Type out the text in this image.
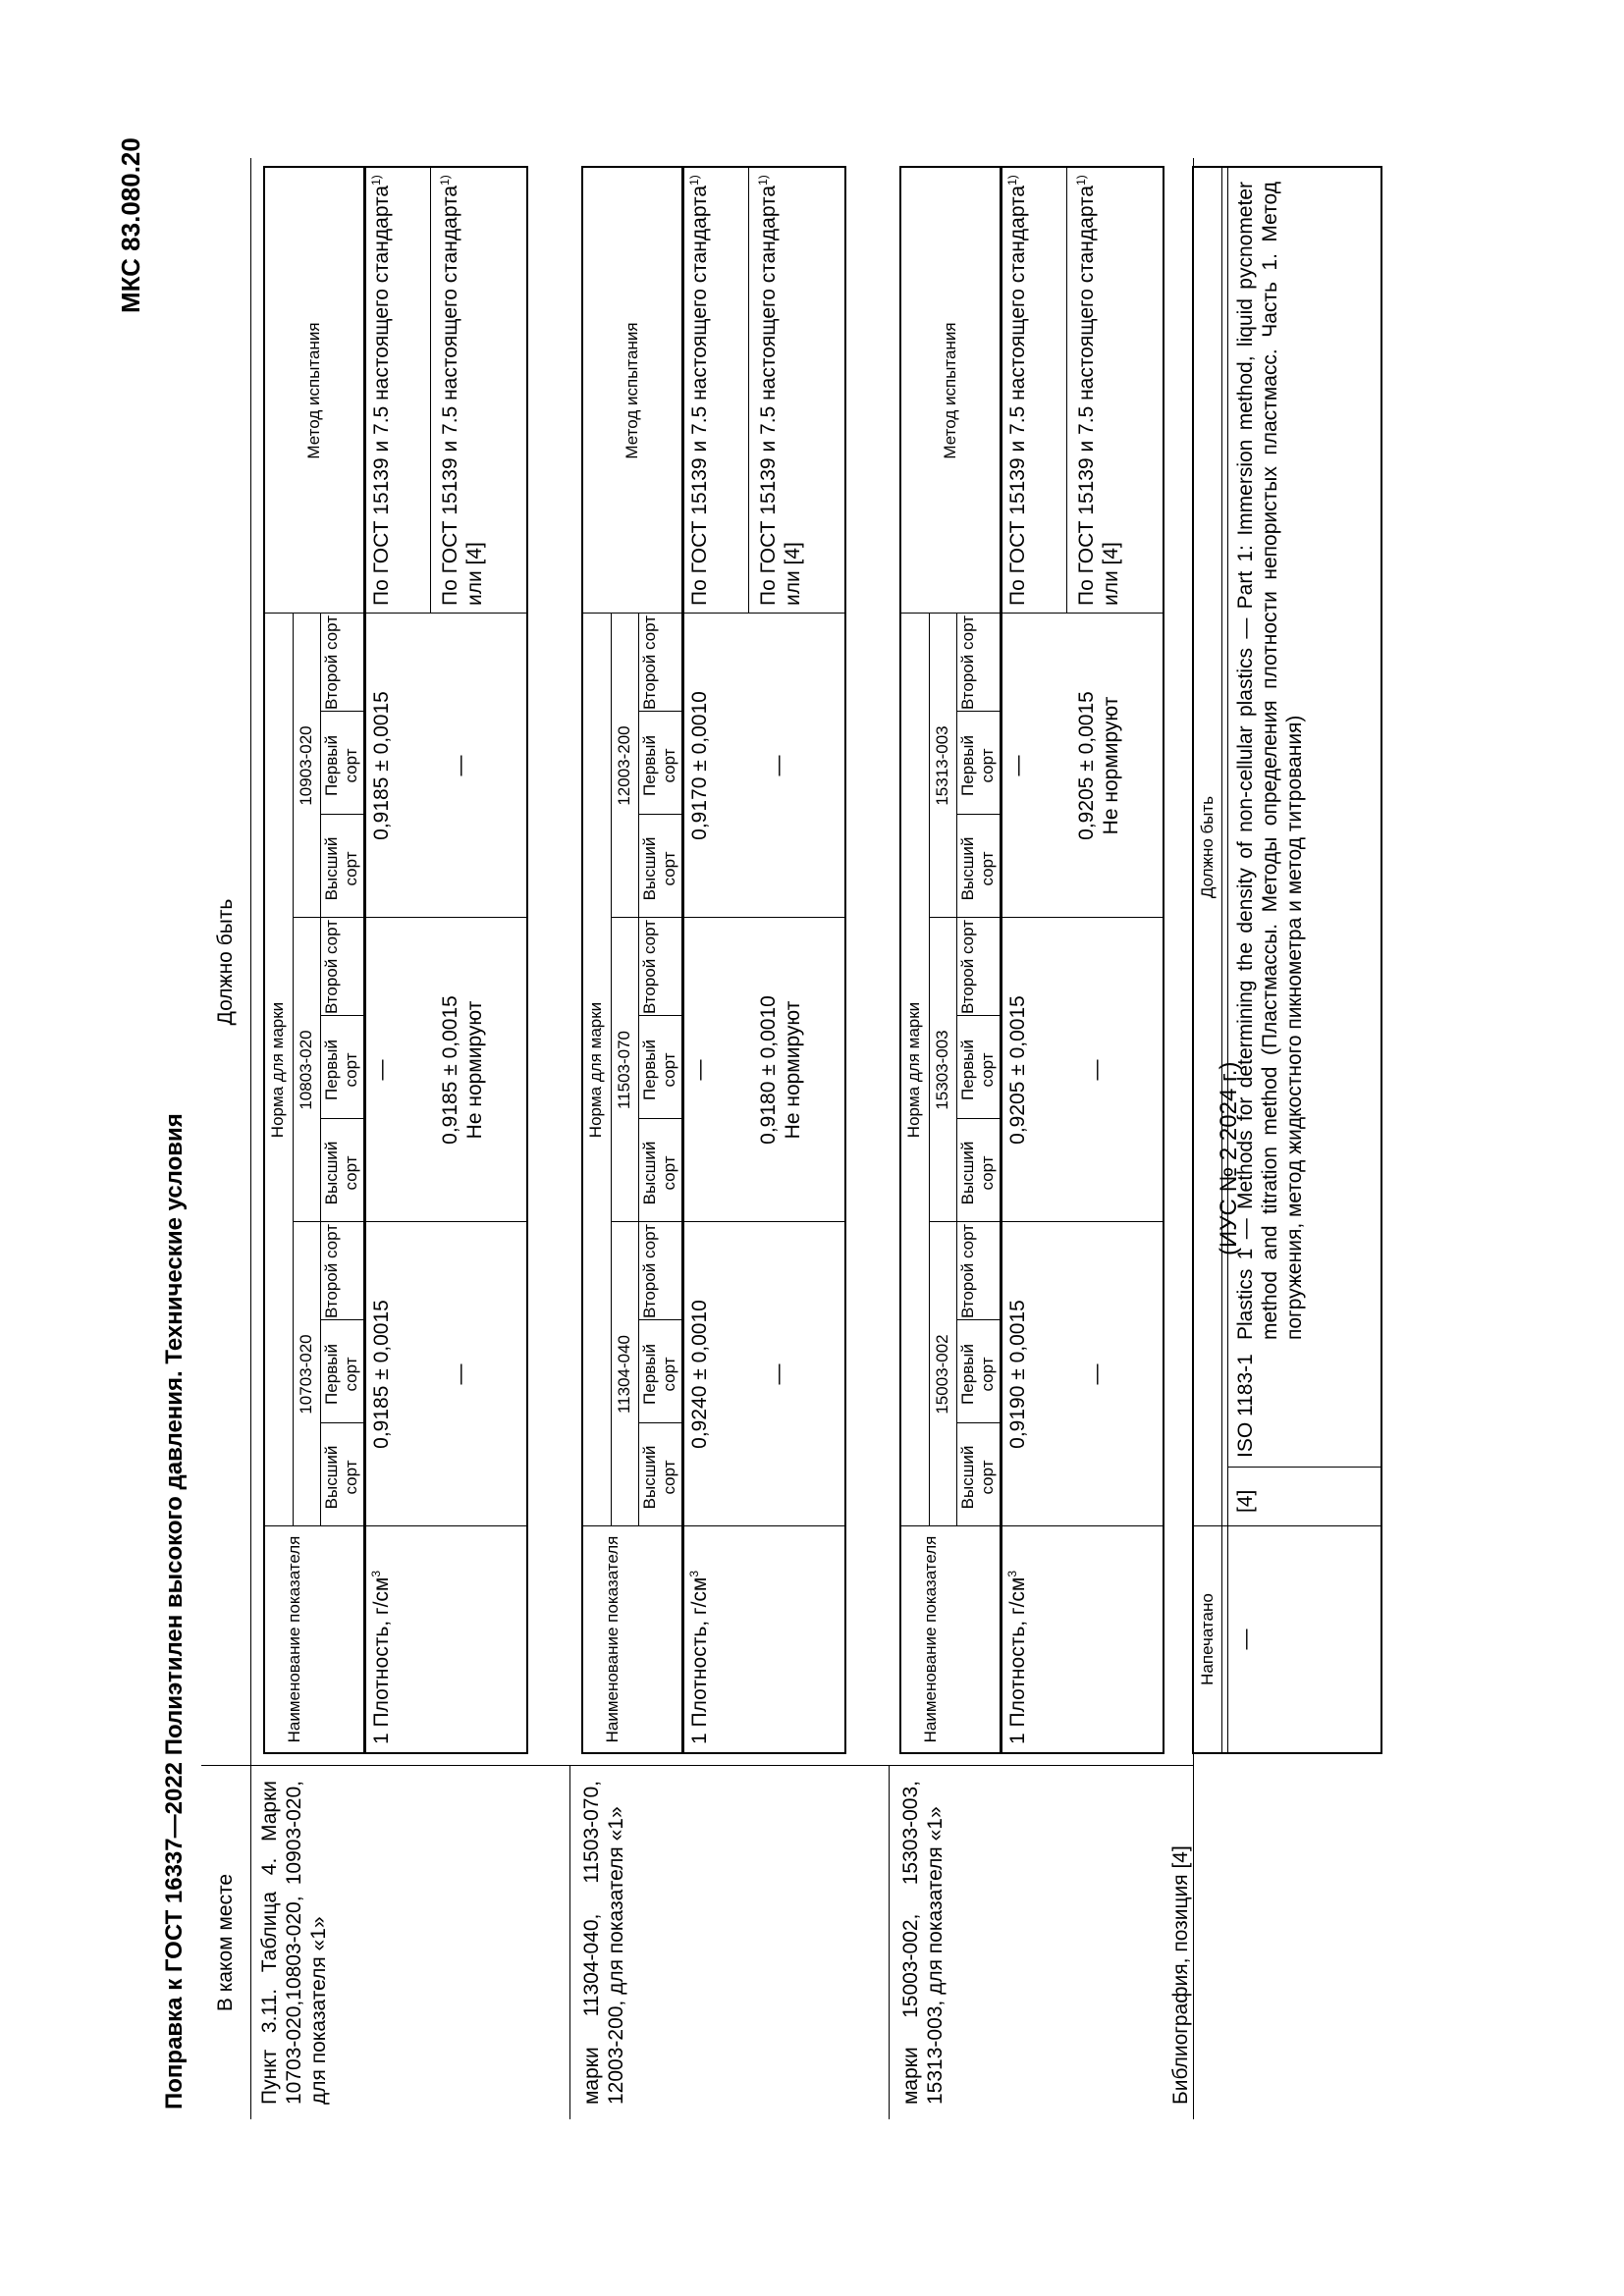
Поправка к ГОСТ 16337—2022 Полиэтилен высокого давления. Технические условия
МКС 83.080.20
В каком месте
Должно быть
Пункт 3.11. Таблица 4. Марки 10703-020,10803-020, 10903-020, для показателя «1»
Наименование показателя
Норма для марки
10703-020
10803-020
10903-020
Высший сорт
Первый сорт
Второй сорт
Высший сорт
Первый сорт
Второй сорт
Высший сорт
Первый сорт
Второй сорт
Метод испытания
1 Плотность, $г/см^3$
0,9185 ± 0,0015
—
0,9185 ± 0,0015
По ГОСТ 15139 и 7.5 настоящего стандарта$^{1)}$
—
0,9185 ± 0,0015
Не нормируют
—
По ГОСТ 15139 и 7.5 настоящего стандарта$^{1)}$ или [4]
марки 11304-040, 11503-070, 12003-200, для показателя «1»
Наименование показателя
Норма для марки
11304-040
11503-070
12003-200
Высший сорт
Первый сорт
Второй сорт
Высший сорт
Первый сорт
Второй сорт
Высший сорт
Первый сорт
Второй сорт
Метод испытания
1 Плотность, $г/см^3$
0,9240 ± 0,0010
—
0,9170 ± 0,0010
По ГОСТ 15139 и 7.5 настоящего стандарта$^{1)}$
—
0,9180 ± 0,0010
Не нормируют
—
По ГОСТ 15139 и 7.5 настоящего стандарта$^{1)}$ или [4]
марки 15003-002, 15303-003, 15313-003, для показателя «1»
Наименование показателя
Норма для марки
15003-002
15303-003
15313-003
Высший сорт
Первый сорт
Второй сорт
Высший сорт
Первый сорт
Второй сорт
Высший сорт
Первый сорт
Второй сорт
Метод испытания
1 Плотность, $г/см^3$
0,9190 ± 0,0015
0,9205 ± 0,0015
—
По ГОСТ 15139 и 7.5 настоящего стандарта$^{1)}$
—
—
0,9205 ± 0,0015
Не нормируют
По ГОСТ 15139 и 7.5 настоящего стандарта$^{1)}$ или [4]
Библиография, позиция [4]
Напечатано
Должно быть
—
[4]
ISO 1183-1
Plastics 1 — Methods for determining the density of non-cellular plastics — Part 1: Immersion method, liquid pycnometer method and titration method (Пластмассы. Методы определения плотности непористых пластмасс. Часть 1. Метод погружения, метод жидкостного пикнометра и метод титрования)
(ИУС № 2 2024 г.)
